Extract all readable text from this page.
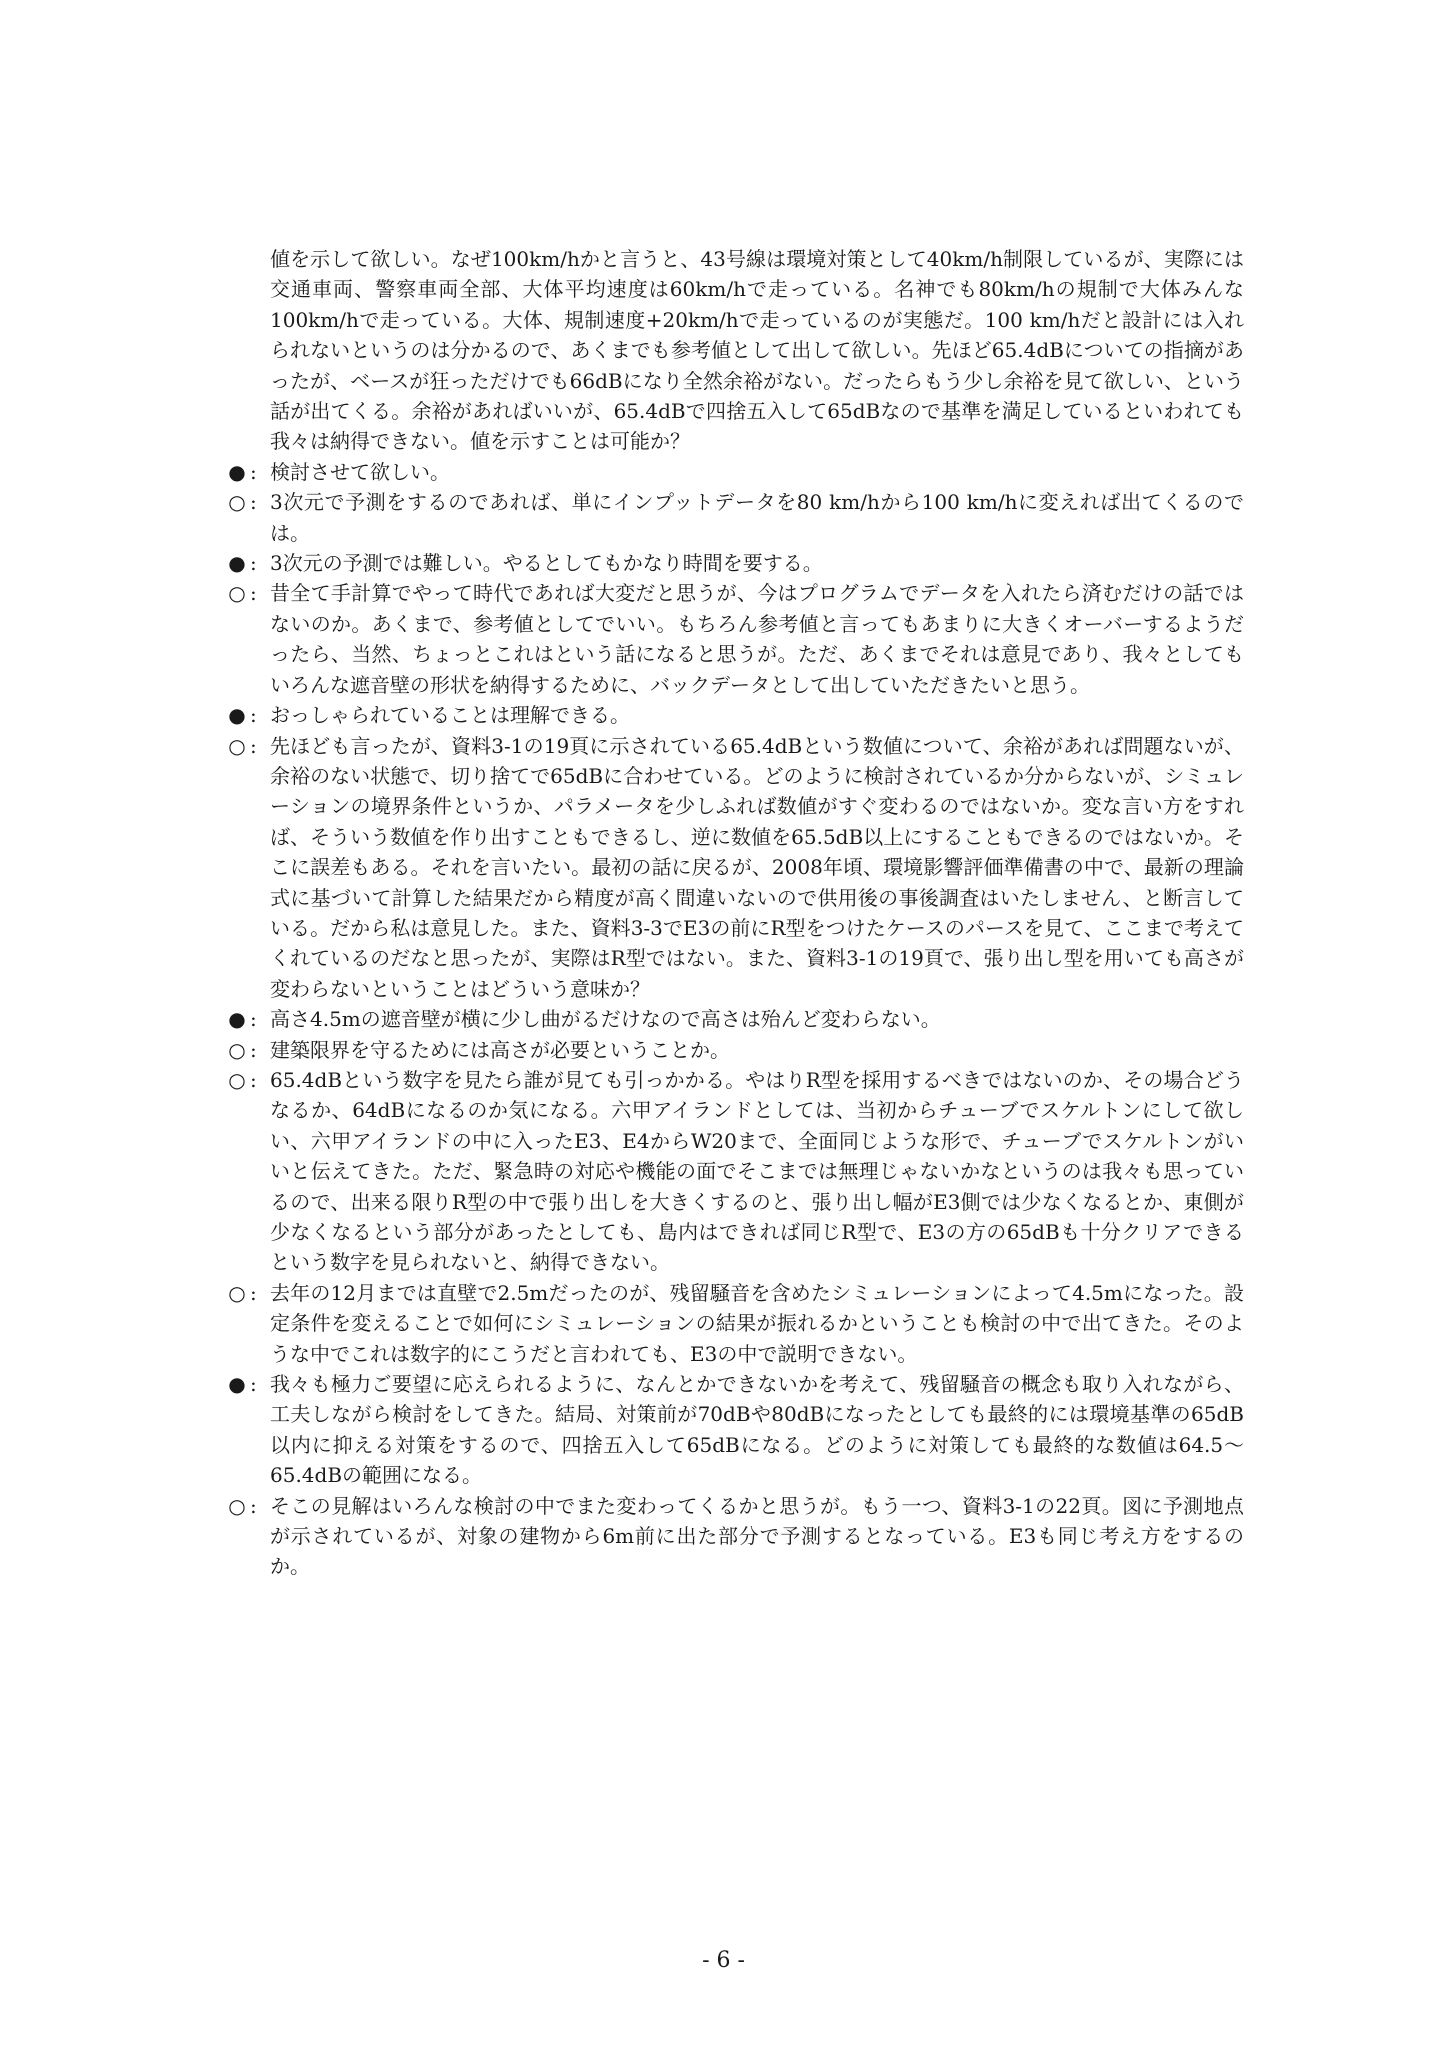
値を示して欲しい。なぜ100km/hかと言うと、43号線は環境対策として40km/h制限しているが、実際には交通車両、警察車両全部、大体平均速度は60km/hで走っている。名神でも80km/hの規制で大体みんな100km/hで走っている。大体、規制速度+20km/hで走っているのが実態だ。100 km/hだと設計には入れられないというのは分かるので、あくまでも参考値として出して欲しい。先ほど65.4dBについての指摘があったが、ベースが狂っただけでも66dBになり全然余裕がない。だったらもう少し余裕を見て欲しい、という話が出てくる。余裕があればいいが、65.4dBで四捨五入して65dBなので基準を満足しているといわれても我々は納得できない。値を示すことは可能か？
● : 検討させて欲しい。
○ : 3次元で予測をするのであれば、単にインプットデータを80 km/hから100 km/hに変えれば出てくるのでは。
● : 3次元の予測では難しい。やるとしてもかなり時間を要する。
○ : 昔全て手計算でやって時代であれば大変だと思うが、今はプログラムでデータを入れたら済むだけの話ではないのか。あくまで、参考値としてでいい。もちろん参考値と言ってもあまりに大きくオーバーするようだったら、当然、ちょっとこれはという話になると思うが。ただ、あくまでそれは意見であり、我々としてもいろんな遮音壁の形状を納得するために、バックデータとして出していただきたいと思う。
● : おっしゃられていることは理解できる。
○ : 先ほども言ったが、資料3-1の19頁に示されている65.4dBという数値について、余裕があれば問題ないが、余裕のない状態で、切り捨てで65dBに合わせている。どのように検討されているか分からないが、シミュレーションの境界条件というか、パラメータを少しふれば数値がすぐ変わるのではないか。変な言い方をすれば、そういう数値を作り出すこともできるし、逆に数値を65.5dB以上にすることもできるのではないか。そこに誤差もある。それを言いたい。最初の話に戻るが、2008年頃、環境影響評価準備書の中で、最新の理論式に基づいて計算した結果だから精度が高く間違いないので供用後の事後調査はいたしません、と断言している。だから私は意見した。また、資料3-3でE3の前にR型をつけたケースのパースを見て、ここまで考えてくれているのだなと思ったが、実際はR型ではない。また、資料3-1の19頁で、張り出し型を用いても高さが変わらないということはどういう意味か？
● : 高さ4.5mの遮音壁が横に少し曲がるだけなので高さは殆んど変わらない。
○ : 建築限界を守るためには高さが必要ということか。
○ : 65.4dBという数字を見たら誰が見ても引っかかる。やはりR型を採用するべきではないのか、その場合どうなるか、64dBになるのか気になる。六甲アイランドとしては、当初からチューブでスケルトンにして欲しい、六甲アイランドの中に入ったE3、E4からW20まで、全面同じような形で、チューブでスケルトンがいいと伝えてきた。ただ、緊急時の対応や機能の面でそこまでは無理じゃないかなというのは我々も思っているので、出来る限りR型の中で張り出しを大きくするのと、張り出し幅がE3側では少なくなるとか、東側が少なくなるという部分があったとしても、島内はできれば同じR型で、E3の方の65dBも十分クリアできるという数字を見られないと、納得できない。
○ : 去年の12月までは直壁で2.5mだったのが、残留騒音を含めたシミュレーションによって4.5mになった。設定条件を変えることで如何にシミュレーションの結果が振れるかということも検討の中で出てきた。そのような中でこれは数字的にこうだと言われても、E3の中で説明できない。
● : 我々も極力ご要望に応えられるように、なんとかできないかを考えて、残留騒音の概念も取り入れながら、工夫しながら検討をしてきた。結局、対策前が70dBや80dBになったとしても最終的には環境基準の65dB以内に抑える対策をするので、四捨五入して65dBになる。どのように対策しても最終的な数値は64.5～65.4dBの範囲になる。
○ : そこの見解はいろんな検討の中でまた変わってくるかと思うが。もう一つ、資料3-1の22頁。図に予測地点が示されているが、対象の建物から6m前に出た部分で予測するとなっている。E3も同じ考え方をするのか。
- 6 -
